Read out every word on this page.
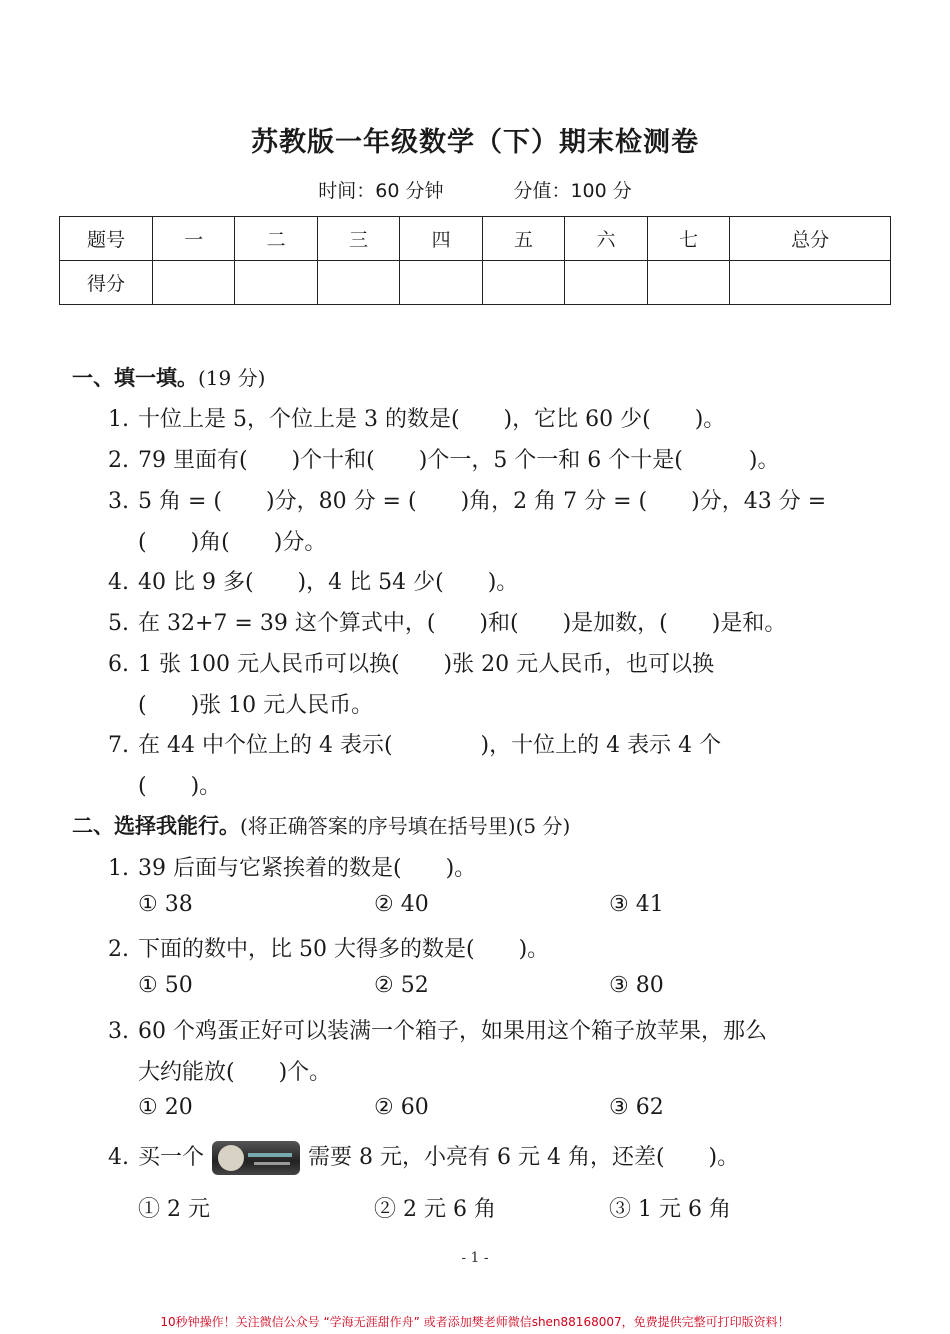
苏教版一年级数学（下）期末检测卷
时间：60 分钟	分值：100 分
题号	一	二	三	四	五	六	七	总分
得分								
一、填一填。(19 分)
1. 十位上是 5，个位上是 3 的数是(　　)，它比 60 少(　　)。
2. 79 里面有(　　)个十和(　　)个一，5 个一和 6 个十是(　　　)。
3. 5 角 = (　　)分，80 分 = (　　)角，2 角 7 分 = (　　)分，43 分 =
(　　)角(　　)分。
4. 40 比 9 多(　　)，4 比 54 少(　　)。
5. 在 32+7 = 39 这个算式中，(　　)和(　　)是加数，(　　)是和。
6. 1 张 100 元人民币可以换(　　)张 20 元人民币，也可以换
(　　)张 10 元人民币。
7. 在 44 中个位上的 4 表示(　　　　)，十位上的 4 表示 4 个
(　　)。
二、选择我能行。(将正确答案的序号填在括号里)(5 分)
1. 39 后面与它紧挨着的数是(　　)。
① 38	② 40	③ 41
2. 下面的数中，比 50 大得多的数是(　　)。
① 50	② 52	③ 80
3. 60 个鸡蛋正好可以装满一个箱子，如果用这个箱子放苹果，那么
大约能放(　　)个。
① 20	② 60	③ 62
4. 买一个	需要 8 元，小亮有 6 元 4 角，还差(　　)。
① 2 元	② 2 元 6 角	③ 1 元 6 角
- 1 -
10秒钟操作！关注微信公众号 “学海无涯甜作舟” 或者添加樊老师微信shen88168007，免费提供完整可打印版资料！
